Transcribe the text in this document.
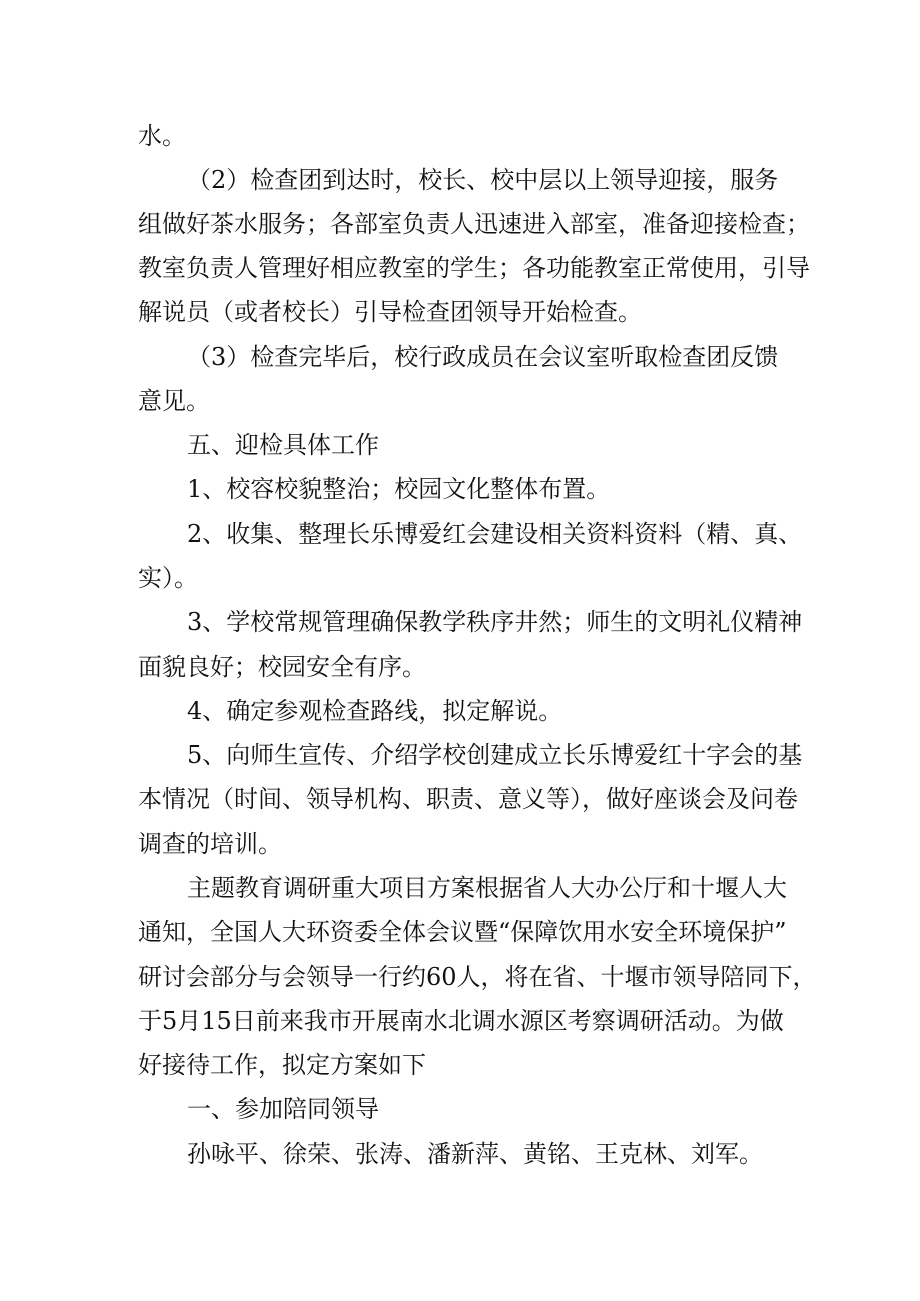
水。
（2）检查团到达时，校长、校中层以上领导迎接，服务
组做好茶水服务；各部室负责人迅速进入部室，准备迎接检查；
教室负责人管理好相应教室的学生；各功能教室正常使用，引导
解说员（或者校长）引导检查团领导开始检查。
（3）检查完毕后，校行政成员在会议室听取检查团反馈
意见。
五、迎检具体工作
1、校容校貌整治；校园文化整体布置。
2、收集、整理长乐博爱红会建设相关资料资料（精、真、
实）。
3、学校常规管理确保教学秩序井然；师生的文明礼仪精神
面貌良好；校园安全有序。
4、确定参观检查路线，拟定解说。
5、向师生宣传、介绍学校创建成立长乐博爱红十字会的基
本情况（时间、领导机构、职责、意义等），做好座谈会及问卷
调查的培训。
主题教育调研重大项目方案根据省人大办公厅和十堰人大
通知，全国人大环资委全体会议暨“保障饮用水安全环境保护”
研讨会部分与会领导一行约60人，将在省、十堰市领导陪同下，
于5月15日前来我市开展南水北调水源区考察调研活动。为做
好接待工作，拟定方案如下
一、参加陪同领导
孙咏平、徐荣、张涛、潘新萍、黄铭、王克林、刘军。
